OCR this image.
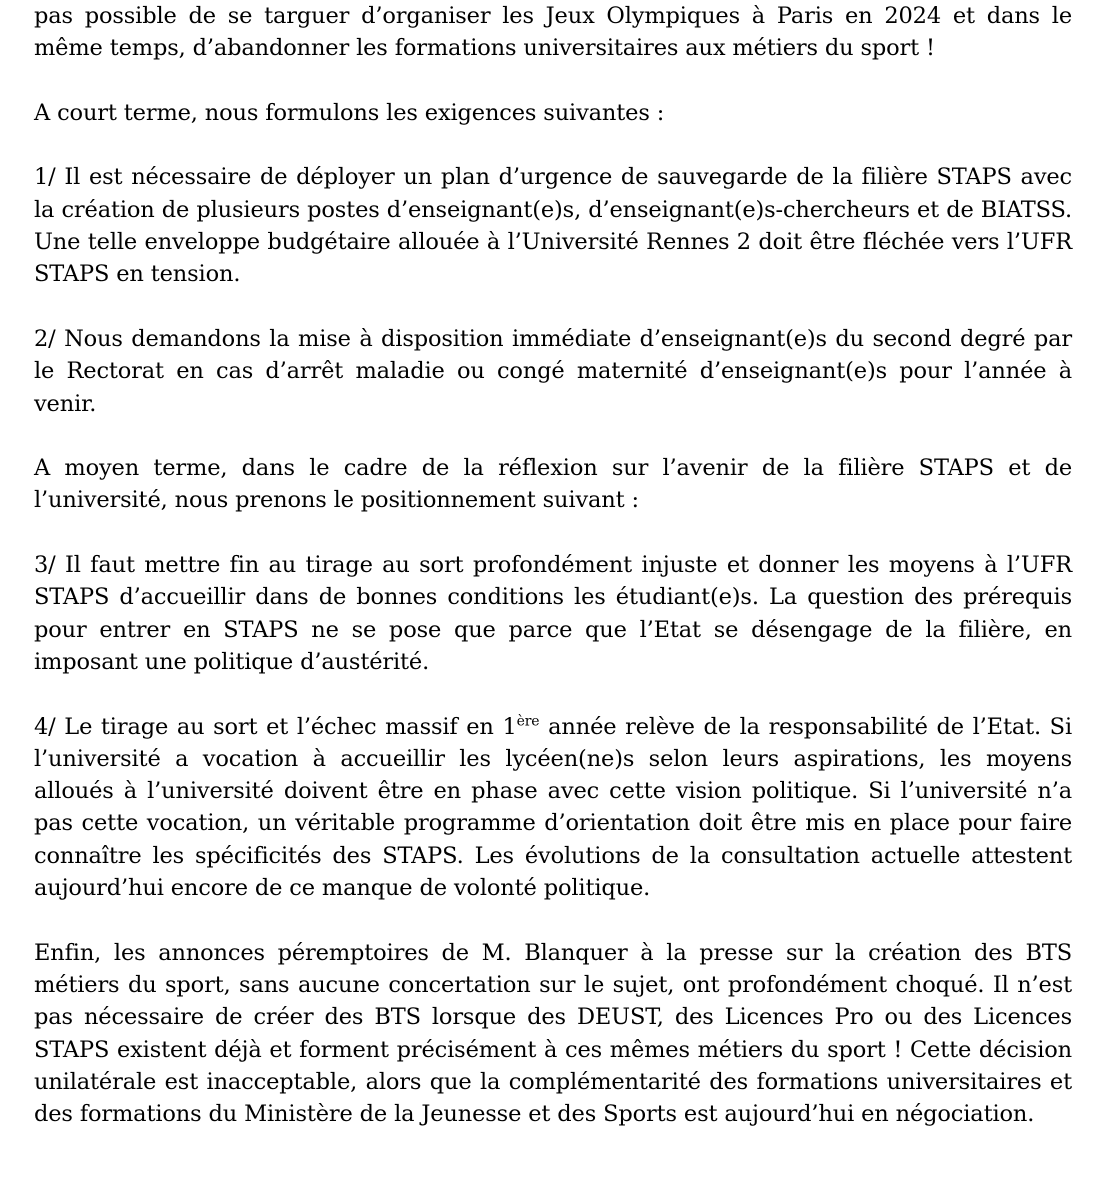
pas possible de se targuer d’organiser les Jeux Olympiques à Paris en 2024 et dans le même temps, d’abandonner les formations universitaires aux métiers du sport !

A court terme, nous formulons les exigences suivantes :

1/ Il est nécessaire de déployer un plan d’urgence de sauvegarde de la filière STAPS avec la création de plusieurs postes d’enseignant(e)s, d’enseignant(e)s-chercheurs et de BIATSS. Une telle enveloppe budgétaire allouée à l’Université Rennes 2 doit être fléchée vers l’UFR STAPS en tension.

2/ Nous demandons la mise à disposition immédiate d’enseignant(e)s du second degré par le Rectorat en cas d’arrêt maladie ou congé maternité d’enseignant(e)s pour l’année à venir.

A moyen terme, dans le cadre de la réflexion sur l’avenir de la filière STAPS et de l’université, nous prenons le positionnement suivant :

3/ Il faut mettre fin au tirage au sort profondément injuste et donner les moyens à l’UFR STAPS d’accueillir dans de bonnes conditions les étudiant(e)s. La question des prérequis pour entrer en STAPS ne se pose que parce que l’Etat se désengage de la filière, en imposant une politique d’austérité.

4/ Le tirage au sort et l’échec massif en 1ère année relève de la responsabilité de l’Etat. Si l’université a vocation à accueillir les lycéen(ne)s selon leurs aspirations, les moyens alloués à l’université doivent être en phase avec cette vision politique. Si l’université n’a pas cette vocation, un véritable programme d’orientation doit être mis en place pour faire connaître les spécificités des STAPS. Les évolutions de la consultation actuelle attestent aujourd’hui encore de ce manque de volonté politique.

Enfin, les annonces péremptoires de M. Blanquer à la presse sur la création des BTS métiers du sport, sans aucune concertation sur le sujet, ont profondément choqué. Il n’est pas nécessaire de créer des BTS lorsque des DEUST, des Licences Pro ou des Licences STAPS existent déjà et forment précisément à ces mêmes métiers du sport ! Cette décision unilatérale est inacceptable, alors que la complémentarité des formations universitaires et des formations du Ministère de la Jeunesse et des Sports est aujourd’hui en négociation.
